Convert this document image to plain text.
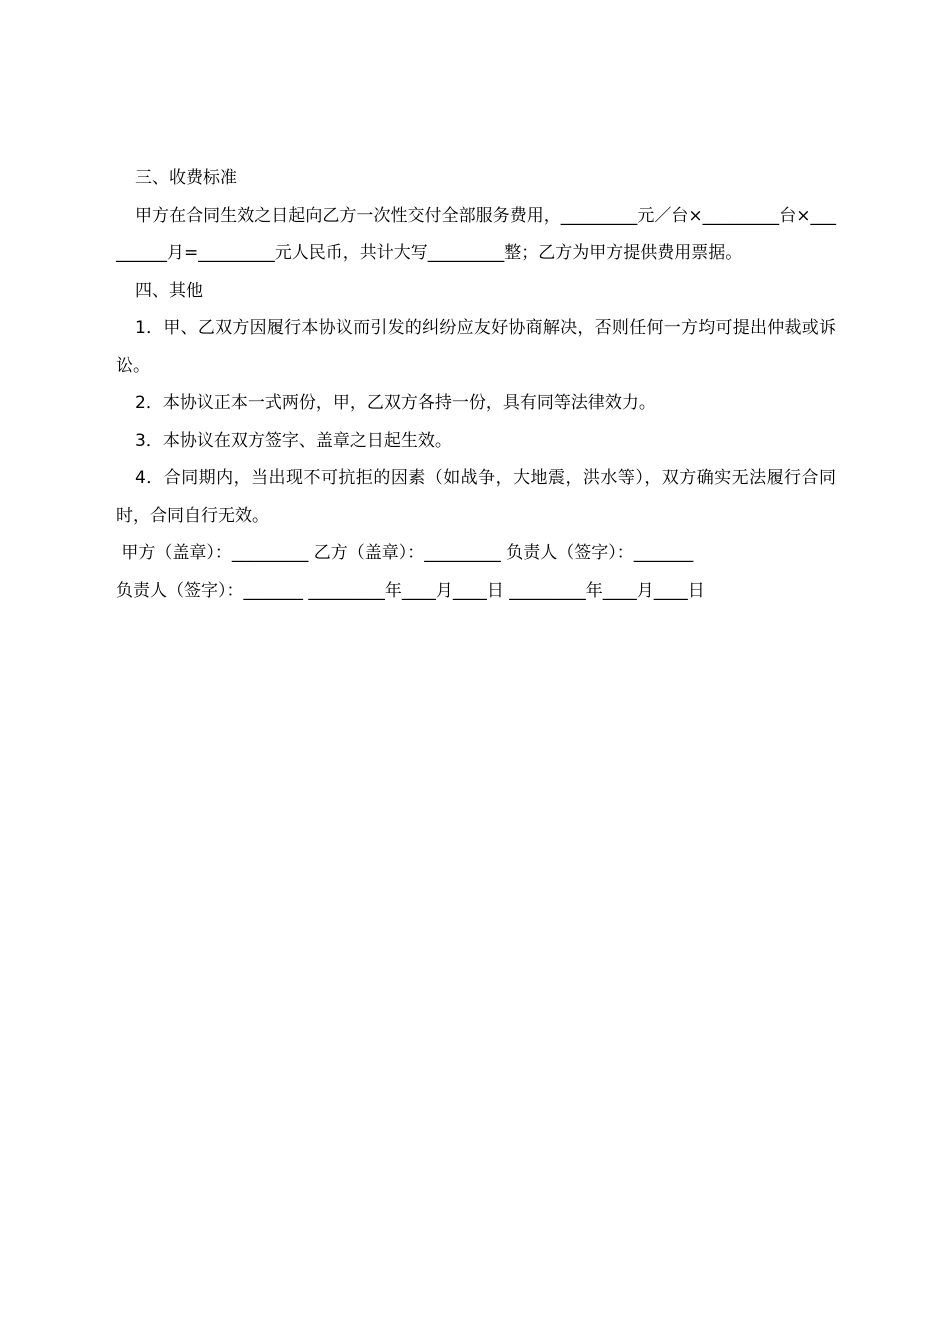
三、收费标准

甲方在合同生效之日起向乙方一次性交付全部服务费用，_________元／台×_________台×_________月=_________元人民币，共计大写_________整；乙方为甲方提供费用票据。

四、其他

1．甲、乙双方因履行本协议而引发的纠纷应友好协商解决，否则任何一方均可提出仲裁或诉讼。

2．本协议正本一式两份，甲，乙双方各持一份，具有同等法律效力。

3．本协议在双方签字、盖章之日起生效。

4．合同期内，当出现不可抗拒的因素（如战争，大地震，洪水等），双方确实无法履行合同时，合同自行无效。

甲方（盖章）：_________ 乙方（盖章）：_________ 负责人（签字）：_______

负责人（签字）：_______ _________年____月____日 _________年____月____日
